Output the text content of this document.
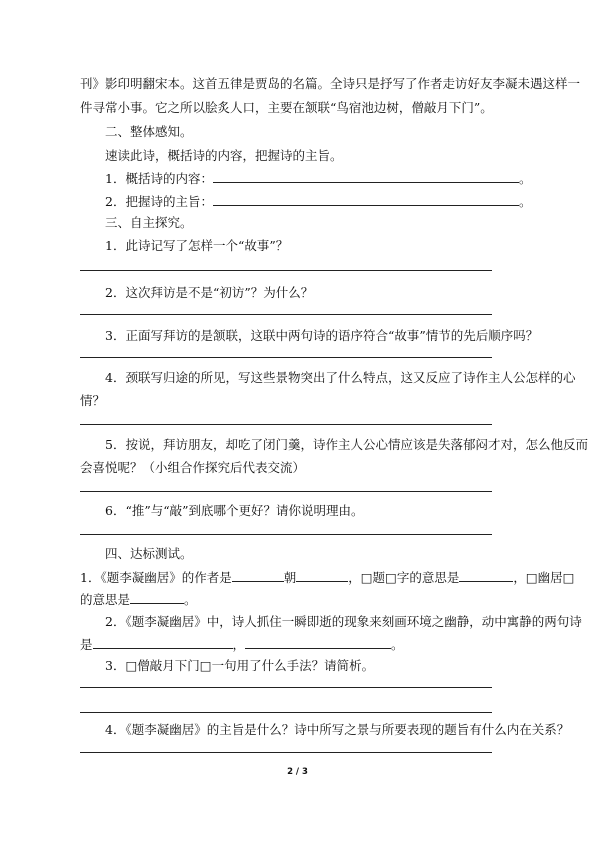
刊》影印明翻宋本。这首五律是贾岛的名篇。全诗只是抒写了作者走访好友李凝未遇这样一
件寻常小事。它之所以脍炙人口，主要在颔联“鸟宿池边树，僧敲月下门”。
二、整体感知。
速读此诗，概括诗的内容，把握诗的主旨。
1．概括诗的内容：	。
2．把握诗的主旨：	。
三、自主探究。
1．此诗记写了怎样一个“故事”？
2．这次拜访是不是“初访”？为什么？
3．正面写拜访的是颔联，这联中两句诗的语序符合“故事”情节的先后顺序吗？
4．颈联写归途的所见，写这些景物突出了什么特点，这又反应了诗作主人公怎样的心
情？
5．按说，拜访朋友，却吃了闭门羹，诗作主人公心情应该是失落郁闷才对，怎么他反而
会喜悦呢？（小组合作探究后代表交流）
6．“推”与“敲”到底哪个更好？请你说明理由。
四、达标测试。
1．《题李凝幽居》的作者是	朝	，□题□字的意思是	，□幽居□
的意思是	。
2．《题李凝幽居》中，诗人抓住一瞬即逝的现象来刻画环境之幽静，动中寓静的两句诗
是	，	。
3．□僧敲月下门□一句用了什么手法？请简析。
4．《题李凝幽居》的主旨是什么？诗中所写之景与所要表现的题旨有什么内在关系？
2 / 3
